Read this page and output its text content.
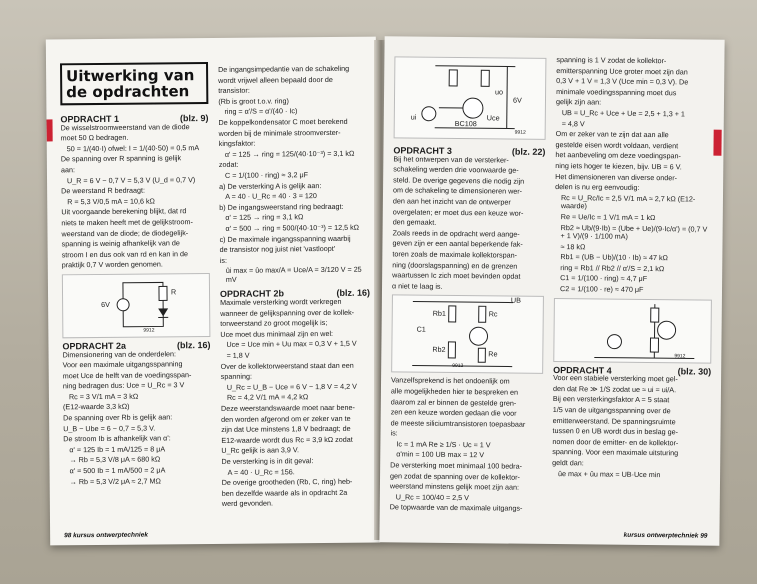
Uitwerking van
de opdrachten
OPDRACHT 1	(blz. 9)

De wisselstroomweerstand van de diode

moet 50 Ω bedragen.

50 = 1/(40·I) ofwel: I = 1/(40·50) = 0,5 mA

De spanning over R spanning is gelijk

aan:

U_R = 6 V − 0,7 V = 5,3 V (U_d = 0,7 V)

De weerstand R bedraagt:

R = 5,3 V/0,5 mA = 10,6 kΩ

Uit voorgaande berekening blijkt, dat rd

niets te maken heeft met de gelijkstroom-

weerstand van de diode; de diodegelijk-

spanning is weinig afhankelijk van de

stroom I en dus ook van rd en kan in de

praktijk 0,7 V worden genomen.

6V
R
9912
OPDRACHT 2a	(blz. 16)

Dimensionering van de onderdelen:

Voor een maximale uitgangsspanning

moet Uce de helft van de voedingsspan-

ning bedragen dus: Uce = U_Rc = 3 V

Rc = 3 V/1 mA = 3 kΩ

(E12-waarde 3,3 kΩ)

De spanning over Rb is gelijk aan:

U_B − Ube = 6 − 0,7 = 5,3 V.

De stroom Ib is afhankelijk van α':

α' = 125 Ib = 1 mA/125 = 8 μA

→ Rb = 5,3 V/8 μA ≈ 680 kΩ

α' = 500 Ib = 1 mA/500 = 2 μA

→ Rb = 5,3 V/2 μA ≈ 2,7 MΩ

De ingangsimpedantie van de schakeling

wordt vrijwel alleen bepaald door de

transistor:

(Rb is groot t.o.v. ring)

ring = α'/S = α'/(40 · Ic)

De koppelkondensator C moet berekend

worden bij de minimale stroomverster-

kingsfaktor:

α' = 125 → ring = 125/(40·10⁻³) = 3,1 kΩ

zodat:

C = 1/(100 · ring) ≈ 3,2 μF

a) De versterking A is gelijk aan:

A = 40 · U_Rc = 40 · 3 = 120

b) De ingangsweerstand ring bedraagt:

α' = 125 → ring = 3,1 kΩ

α' = 500 → ring = 500/(40·10⁻³) = 12,5 kΩ

c) De maximale ingangsspanning waarbij

de transistor nog juist niet 'vastloopt'

is:

ûi max = ûo max/A = Uce/A = 3/120 V = 25 mV

OPDRACHT 2b	(blz. 16)

Maximale versterking wordt verkregen

wanneer de gelijkspanning over de kollek-

torweerstand zo groot mogelijk is;

Uce moet dus minimaal zijn en wel:

Uce = Uce min + Uu max = 0,3 V + 1,5 V

= 1,8 V

Over de kollektorweerstand staat dan een

spanning:

U_Rc = U_B − Uce = 6 V − 1,8 V = 4,2 V

Rc = 4,2 V/1 mA = 4,2 kΩ

Deze weerstandswaarde moet naar bene-

den worden afgerond om er zeker van te

zijn dat Uce minstens 1,8 V bedraagt; de

E12-waarde wordt dus Rc = 3,9 kΩ zodat

U_Rc gelijk is aan 3,9 V.

De versterking is in dit geval:

A = 40 · U_Rc = 156.

De overige grootheden (Rb, C, ring) heb-

ben dezelfde waarde als in opdracht 2a

werd gevonden.

98 kursus ontwerptechniek
ui
uo
6V
Uce
BC108
9912
OPDRACHT 3	(blz. 22)

Bij het ontwerpen van de versterker-

schakeling werden drie voorwaarde ge-

steld. De overige gegevens die nodig zijn

om de schakeling te dimensioneren wer-

den aan het inzicht van de ontwerper

overgelaten; er moet dus een keuze wor-

den gemaakt.

Zoals reeds in de opdracht werd aange-

geven zijn er een aantal beperkende fak-

toren zoals de maximale kollektorspan-

ning (doorslagspanning) en de grenzen

waartussen Ic zich moet bevinden opdat

α niet te laag is.

UB
C1
Rb1
Rb2
Rc
Re
9912

Vanzelfsprekend is het ondoenlijk om

alle mogelijkheden hier te bespreken en

daarom zal er binnen de gestelde gren-

zen een keuze worden gedaan die voor

de meeste siliciumtransistoren toepasbaar

is:

Ic = 1 mA Re ≥ 1/S · Uc = 1 V

α'min = 100 UB max = 12 V

De versterking moet minimaal 100 bedra-

gen zodat de spanning over de kollektor-

weerstand minstens gelijk moet zijn aan:

U_Rc = 100/40 = 2,5 V

De topwaarde van de maximale uitgangs-

spanning is 1 V zodat de kollektor-

emitterspanning Uce groter moet zijn dan

0,3 V + 1 V = 1,3 V (Uce min = 0,3 V). De

minimale voedingsspanning moet dus

gelijk zijn aan:

UB = U_Rc + Uce + Ue = 2,5 + 1,3 + 1

= 4,8 V

Om er zeker van te zijn dat aan alle

gestelde eisen wordt voldaan, verdient

het aanbeveling om deze voedingspan-

ning iets hoger te kiezen, bijv. UB = 6 V.

Het dimensioneren van diverse onder-

delen is nu erg eenvoudig:

Rc = U_Rc/Ic = 2,5 V/1 mA ≈ 2,7 kΩ (E12-waarde)

Re = Ue/Ic = 1 V/1 mA = 1 kΩ

Rb2 ≈ Ub/(9·Ib) = (Ube + Ue)/(9·Ic/α') = (0,7 V + 1 V)/(9 · 1/100 mA)

≈ 18 kΩ

Rb1 = (UB − Ub)/(10 · Ib) ≈ 47 kΩ

ring = Rb1 // Rb2 // α'/S = 2,1 kΩ

C1 = 1/(100 · ring) ≈ 4,7 μF

C2 = 1/(100 · re) ≈ 470 μF

9912
OPDRACHT 4	(blz. 30)

Voor een stabiele versterking moet gel-

den dat Re ≫ 1/S zodat ue ≈ ui = ui/A.

Bij een versterkingsfaktor A = 5 staat

1/5 van de uitgangsspanning over de

emitterweerstand. De spanningsruimte

tussen 0 en UB wordt dus in beslag ge-

nomen door de emitter- en de kollektor-

spanning. Voor een maximale uitsturing

geldt dan:

ûe max + ûu max = UB·Uce min

kursus ontwerptechniek 99
